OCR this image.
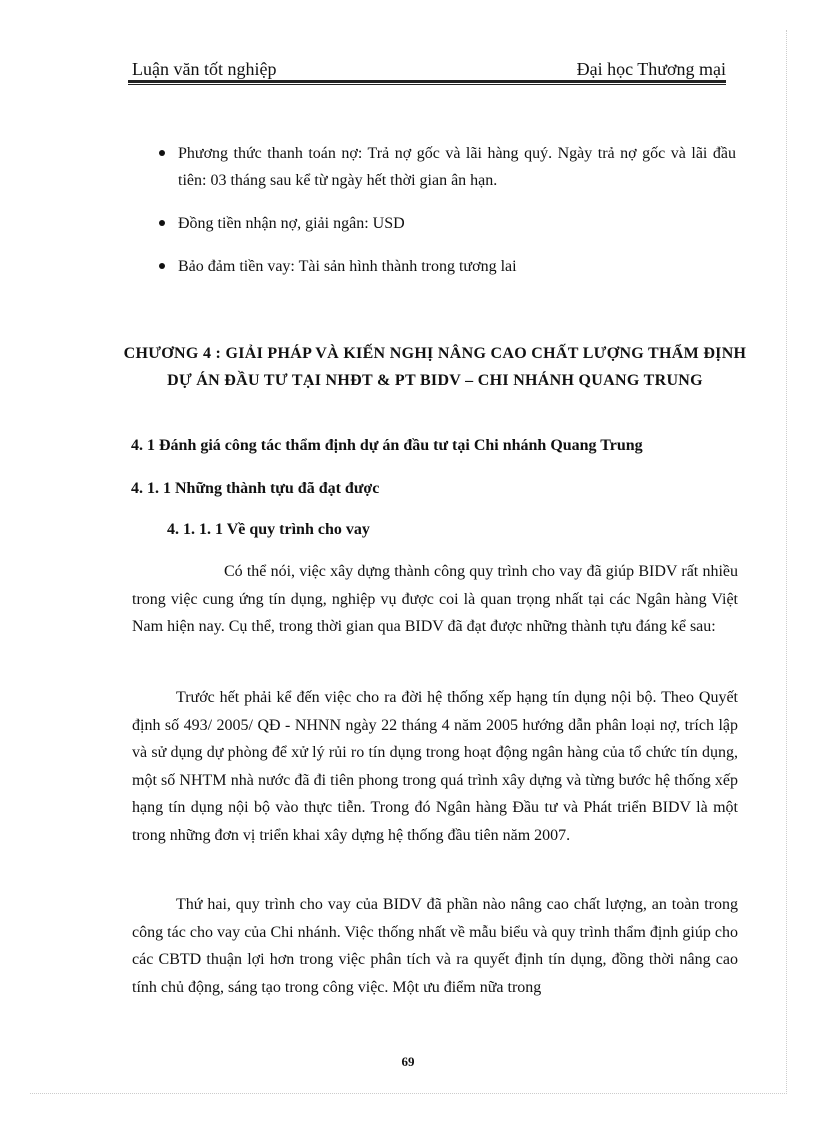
Luận văn tốt nghiệp	Đại học Thương mại
Phương thức thanh toán nợ: Trả nợ gốc và lãi hàng quý. Ngày trả nợ gốc và lãi đầu tiên: 03 tháng sau kể từ ngày hết thời gian ân hạn.
Đồng tiền nhận nợ, giải ngân: USD
Bảo đảm tiền vay: Tài sản hình thành trong tương lai
CHƯƠNG 4 : GIẢI PHÁP VÀ KIẾN NGHỊ NÂNG CAO CHẤT LƯỢNG THẨM ĐỊNH DỰ ÁN ĐẦU TƯ TẠI NHĐT & PT BIDV – CHI NHÁNH QUANG TRUNG
4. 1 Đánh giá công tác thẩm định dự án đầu tư tại Chi nhánh Quang Trung
4. 1. 1 Những thành tựu đã đạt được
4. 1. 1. 1 Về quy trình cho vay

Có thể nói, việc xây dựng thành công quy trình cho vay đã giúp BIDV rất nhiều trong việc cung ứng tín dụng, nghiệp vụ được coi là quan trọng nhất tại các Ngân hàng Việt Nam hiện nay. Cụ thể, trong thời gian qua BIDV đã đạt được những thành tựu đáng kể sau:

Trước hết phải kể đến việc cho ra đời hệ thống xếp hạng tín dụng nội bộ. Theo Quyết định số 493/ 2005/ QĐ - NHNN ngày 22 tháng 4 năm 2005 hướng dẫn phân loại nợ, trích lập và sử dụng dự phòng để xử lý rủi ro tín dụng trong hoạt động ngân hàng của tổ chức tín dụng, một số NHTM nhà nước đã đi tiên phong trong quá trình xây dựng và từng bước hệ thống xếp hạng tín dụng nội bộ vào thực tiễn. Trong đó Ngân hàng Đầu tư và Phát triển BIDV là một trong những đơn vị triển khai xây dựng hệ thống đầu tiên năm 2007.

Thứ hai, quy trình cho vay của BIDV đã phần nào nâng cao chất lượng, an toàn trong công tác cho vay của Chi nhánh. Việc thống nhất về mẫu biểu và quy trình thẩm định giúp cho các CBTD thuận lợi hơn trong việc phân tích và ra quyết định tín dụng, đồng thời nâng cao tính chủ động, sáng tạo trong công việc. Một ưu điểm nữa trong

69
